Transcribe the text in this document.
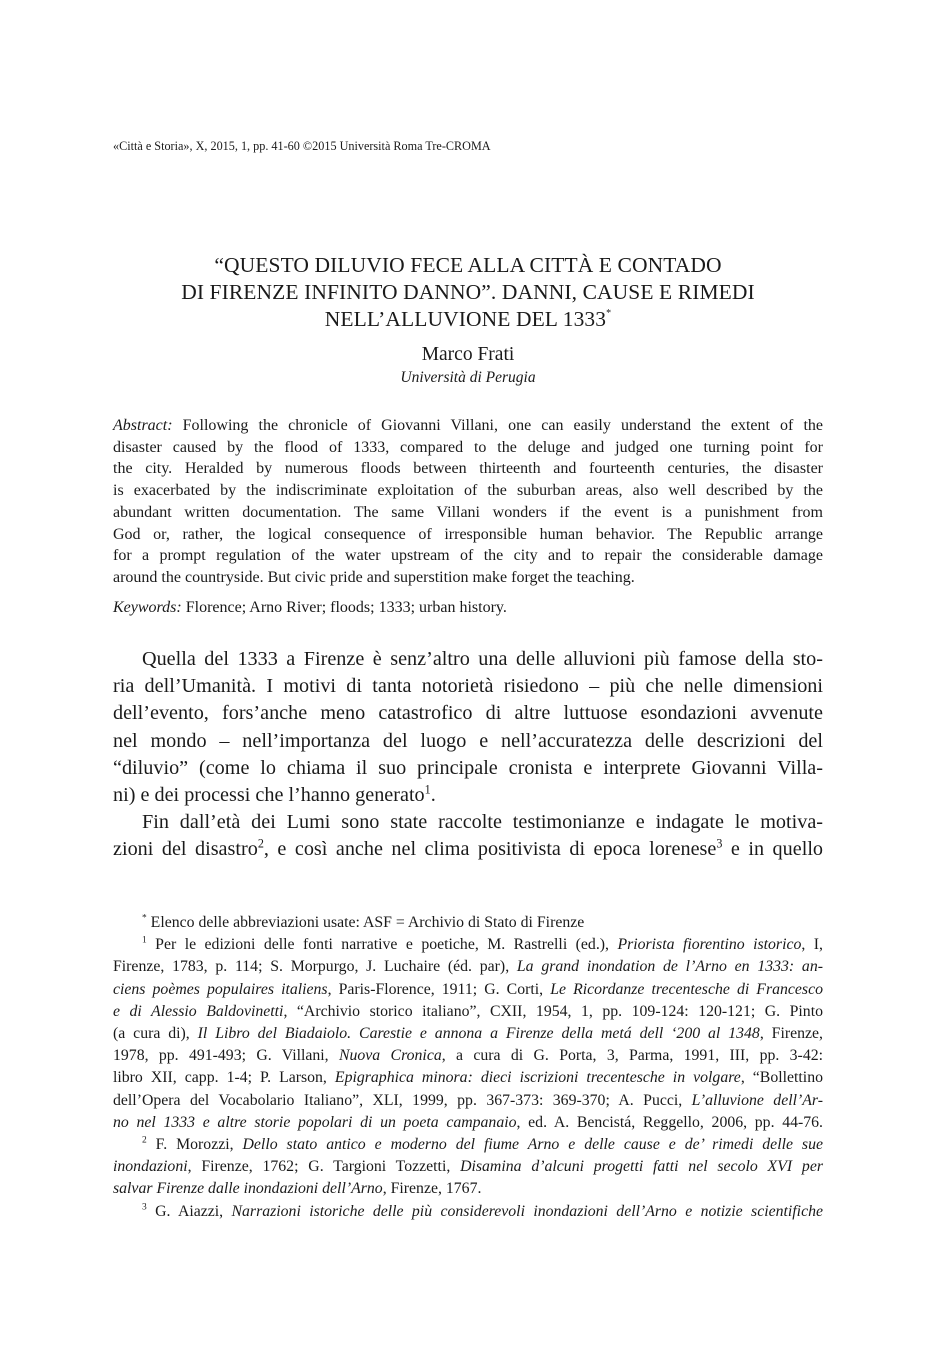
«Città e Storia», X, 2015, 1, pp. 41-60 ©2015 Università Roma Tre-CROMA
“QUESTO DILUVIO FECE ALLA CITTÀ E CONTADO
DI FIRENZE INFINITO DANNO”. DANNI, CAUSE E RIMEDI
NELL’ALLUVIONE DEL 1333*
Marco Frati
Università di Perugia
Abstract: Following the chronicle of Giovanni Villani, one can easily understand the extent of the
disaster caused by the flood of 1333, compared to the deluge and judged one turning point for
the city. Heralded by numerous floods between thirteenth and fourteenth centuries, the disaster
is exacerbated by the indiscriminate exploitation of the suburban areas, also well described by the
abundant written documentation. The same Villani wonders if the event is a punishment from
God or, rather, the logical consequence of irresponsible human behavior. The Republic arrange
for a prompt regulation of the water upstream of the city and to repair the considerable damage
around the countryside. But civic pride and superstition make forget the teaching.
Keywords: Florence; Arno River; floods; 1333; urban history.
Quella del 1333 a Firenze è senz’altro una delle alluvioni più famose della sto-
ria dell’Umanità. I motivi di tanta notorietà risiedono – più che nelle dimensioni
dell’evento, fors’anche meno catastrofico di altre luttuose esondazioni avvenute
nel mondo – nell’importanza del luogo e nell’accuratezza delle descrizioni del
“diluvio” (come lo chiama il suo principale cronista e interprete Giovanni Villa-
ni) e dei processi che l’hanno generato$^1$.
Fin dall’età dei Lumi sono state raccolte testimonianze e indagate le motiva-
zioni del disastro$^2$, e così anche nel clima positivista di epoca lorenese$^3$ e in quello
* Elenco delle abbreviazioni usate: ASF = Archivio di Stato di Firenze
$^1$ Per le edizioni delle fonti narrative e poetiche, M. Rastrelli (ed.), Priorista fiorentino istorico, I,
Firenze, 1783, p. 114; S. Morpurgo, J. Luchaire (éd. par), La grand inondation de l’Arno en 1333: an-
ciens poèmes populaires italiens, Paris-Florence, 1911; G. Corti, Le Ricordanze trecentesche di Francesco
e di Alessio Baldovinetti, “Archivio storico italiano”, CXII, 1954, 1, pp. 109-124: 120-121; G. Pinto
(a cura di), Il Libro del Biadaiolo. Carestie e annona a Firenze della metá dell ‘200 al 1348, Firenze,
1978, pp. 491-493; G. Villani, Nuova Cronica, a cura di G. Porta, 3, Parma, 1991, III, pp. 3-42:
libro XII, capp. 1-4; P. Larson, Epigraphica minora: dieci iscrizioni trecentesche in volgare, “Bollettino
dell’Opera del Vocabolario Italiano”, XLI, 1999, pp. 367-373: 369-370; A. Pucci, L’alluvione dell’Ar-
no nel 1333 e altre storie popolari di un poeta campanaio, ed. A. Bencistá, Reggello, 2006, pp. 44-76.
$^2$ F. Morozzi, Dello stato antico e moderno del fiume Arno e delle cause e de’ rimedi delle sue
inondazioni, Firenze, 1762; G. Targioni Tozzetti, Disamina d’alcuni progetti fatti nel secolo XVI per
salvar Firenze dalle inondazioni dell’Arno, Firenze, 1767.
$^3$ G. Aiazzi, Narrazioni istoriche delle più considerevoli inondazioni dell’Arno e notizie scientifiche
